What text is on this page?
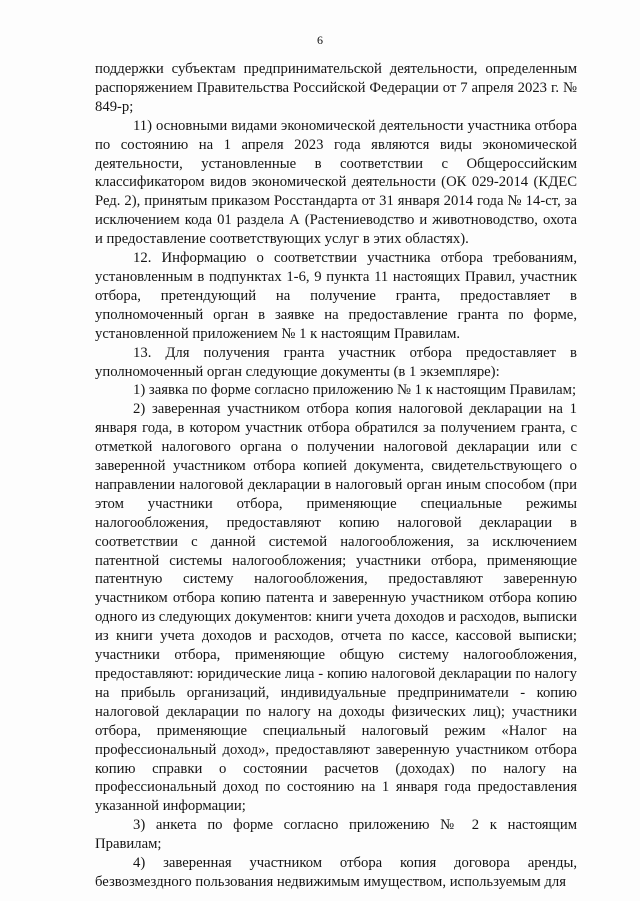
6

поддержки субъектам предпринимательской деятельности, определенным распоряжением Правительства Российской Федерации от 7 апреля 2023 г. № 849-р;

11) основными видами экономической деятельности участника отбора по состоянию на 1 апреля 2023 года являются виды экономической деятельности, установленные в соответствии с Общероссийским классификатором видов экономической деятельности (ОК 029-2014 (КДЕС Ред. 2), принятым приказом Росстандарта от 31 января 2014 года № 14-ст, за исключением кода 01 раздела А (Растениеводство и животноводство, охота и предоставление соответствующих услуг в этих областях).

12. Информацию о соответствии участника отбора требованиям, установленным в подпунктах 1-6, 9 пункта 11 настоящих Правил, участник отбора, претендующий на получение гранта, предоставляет в уполномоченный орган в заявке на предоставление гранта по форме, установленной приложением № 1 к настоящим Правилам.

13. Для получения гранта участник отбора предоставляет в уполномоченный орган следующие документы (в 1 экземпляре):

1) заявка по форме согласно приложению № 1 к настоящим Правилам;

2) заверенная участником отбора копия налоговой декларации на 1 января года, в котором участник отбора обратился за получением гранта, с отметкой налогового органа о получении налоговой декларации или с заверенной участником отбора копией документа, свидетельствующего о направлении налоговой декларации в налоговый орган иным способом (при этом участники отбора, применяющие специальные режимы налогообложения, предоставляют копию налоговой декларации в соответствии с данной системой налогообложения, за исключением патентной системы налогообложения; участники отбора, применяющие патентную систему налогообложения, предоставляют заверенную участником отбора копию патента и заверенную участником отбора копию одного из следующих документов: книги учета доходов и расходов, выписки из книги учета доходов и расходов, отчета по кассе, кассовой выписки; участники отбора, применяющие общую систему налогообложения, предоставляют: юридические лица - копию налоговой декларации по налогу на прибыль организаций, индивидуальные предприниматели - копию налоговой декларации по налогу на доходы физических лиц); участники отбора, применяющие специальный налоговый режим «Налог на профессиональный доход», предоставляют заверенную участником отбора копию справки о состоянии расчетов (доходах) по налогу на профессиональный доход по состоянию на 1 января года предоставления указанной информации;

3) анкета по форме согласно приложению № 2 к настоящим Правилам;

4) заверенная участником отбора копия договора аренды, безвозмездного пользования недвижимым имуществом, используемым для
